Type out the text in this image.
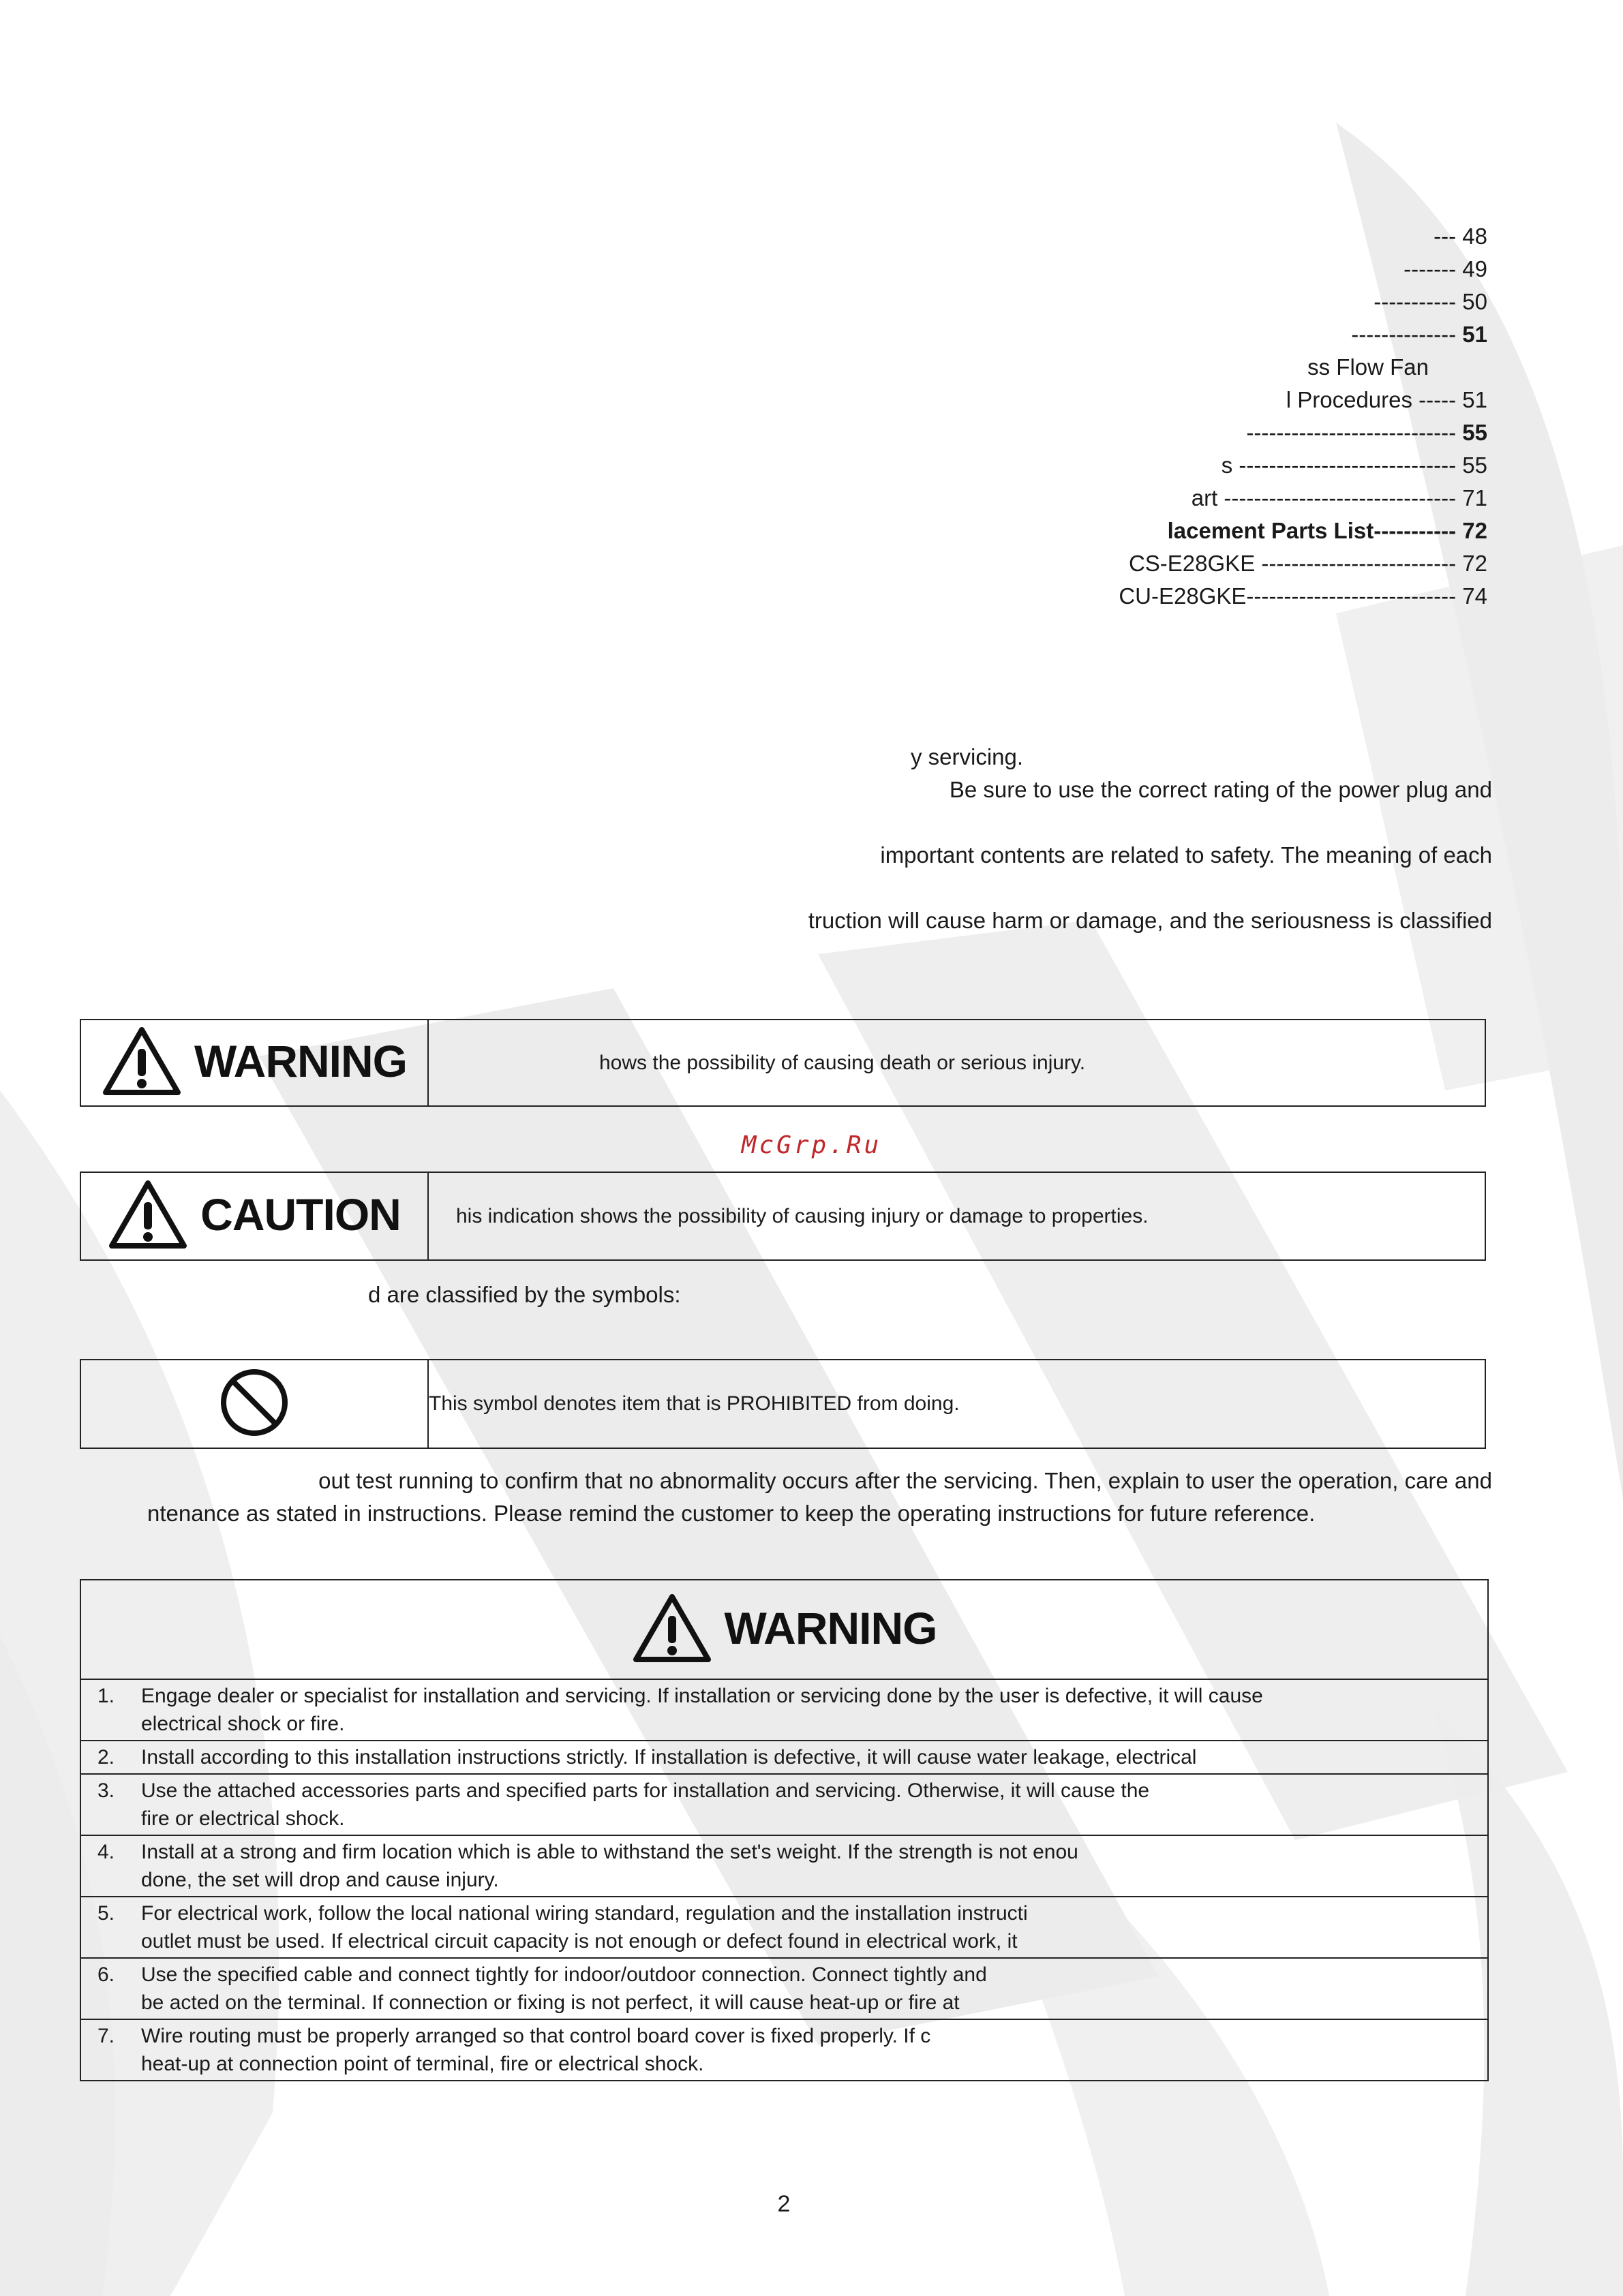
--- 48
------- 49
----------- 50
-------------- 51
ss Flow Fan
l Procedures ----- 51
---------------------------- 55
s ----------------------------- 55
art ------------------------------- 71
lacement Parts List----------- 72
CS-E28GKE -------------------------- 72
CU-E28GKE---------------------------- 74
y servicing.
Be sure to use the correct rating of the power plug and
important contents are related to safety. The meaning of each
truction will cause harm or damage, and the seriousness is classified
WARNING	hows the possibility of causing death or serious injury.
McGrp.Ru
CAUTION	his indication shows the possibility of causing injury or damage to properties.
d are classified by the symbols:
	This symbol denotes item that is PROHIBITED from doing.
out test running to confirm that no abnormality occurs after the servicing. Then, explain to user the operation, care and
ntenance as stated in instructions. Please remind the customer to keep the operating instructions for future reference.
WARNING

1. Engage dealer or specialist for installation and servicing. If installation or servicing done by the user is defective, it will cause
electrical shock or fire.
2. Install according to this installation instructions strictly. If installation is defective, it will cause water leakage, electrical
3. Use the attached accessories parts and specified parts for installation and servicing. Otherwise, it will cause the
fire or electrical shock.
4. Install at a strong and firm location which is able to withstand the set's weight. If the strength is not enou
done, the set will drop and cause injury.
5. For electrical work, follow the local national wiring standard, regulation and the installation instructi
outlet must be used. If electrical circuit capacity is not enough or defect found in electrical work, it
6. Use the specified cable and connect tightly for indoor/outdoor connection. Connect tightly and
be acted on the terminal. If connection or fixing is not perfect, it will cause heat-up or fire at
7. Wire routing must be properly arranged so that control board cover is fixed properly. If c
heat-up at connection point of terminal, fire or electrical shock.
2
